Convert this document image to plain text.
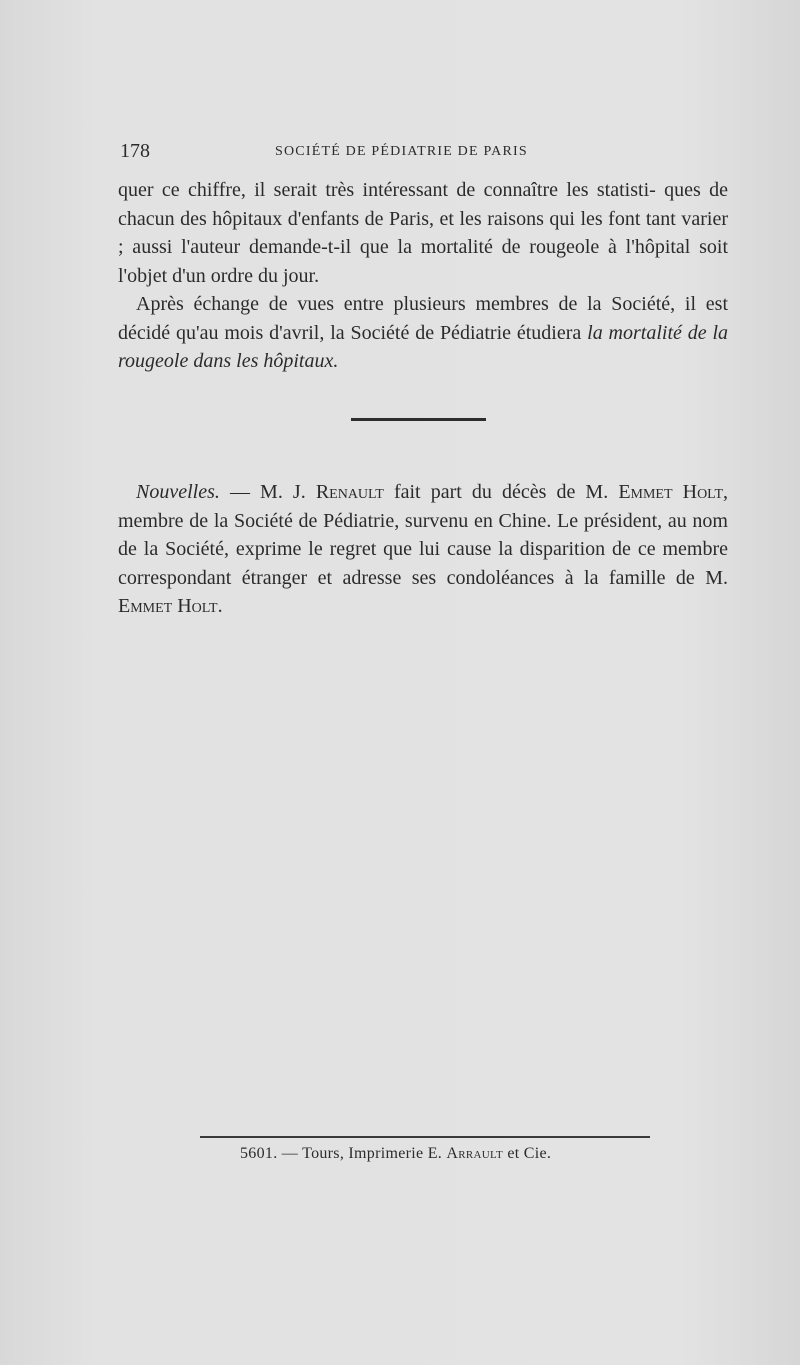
178	SOCIÉTÉ DE PÉDIATRIE DE PARIS

quer ce chiffre, il serait très intéressant de connaître les statisti- ques de chacun des hôpitaux d'enfants de Paris, et les raisons qui les font tant varier ; aussi l'auteur demande-t-il que la mortalité de rougeole à l'hôpital soit l'objet d'un ordre du jour.

Après échange de vues entre plusieurs membres de la Société, il est décidé qu'au mois d'avril, la Société de Pédiatrie étudiera la mortalité de la rougeole dans les hôpitaux.

Nouvelles. — M. J. Renault fait part du décès de M. Emmet Holt, membre de la Société de Pédiatrie, survenu en Chine. Le président, au nom de la Société, exprime le regret que lui cause la disparition de ce membre correspondant étranger et adresse ses condoléances à la famille de M. Emmet Holt.

5601. — Tours, Imprimerie E. Arrault et Cie.
